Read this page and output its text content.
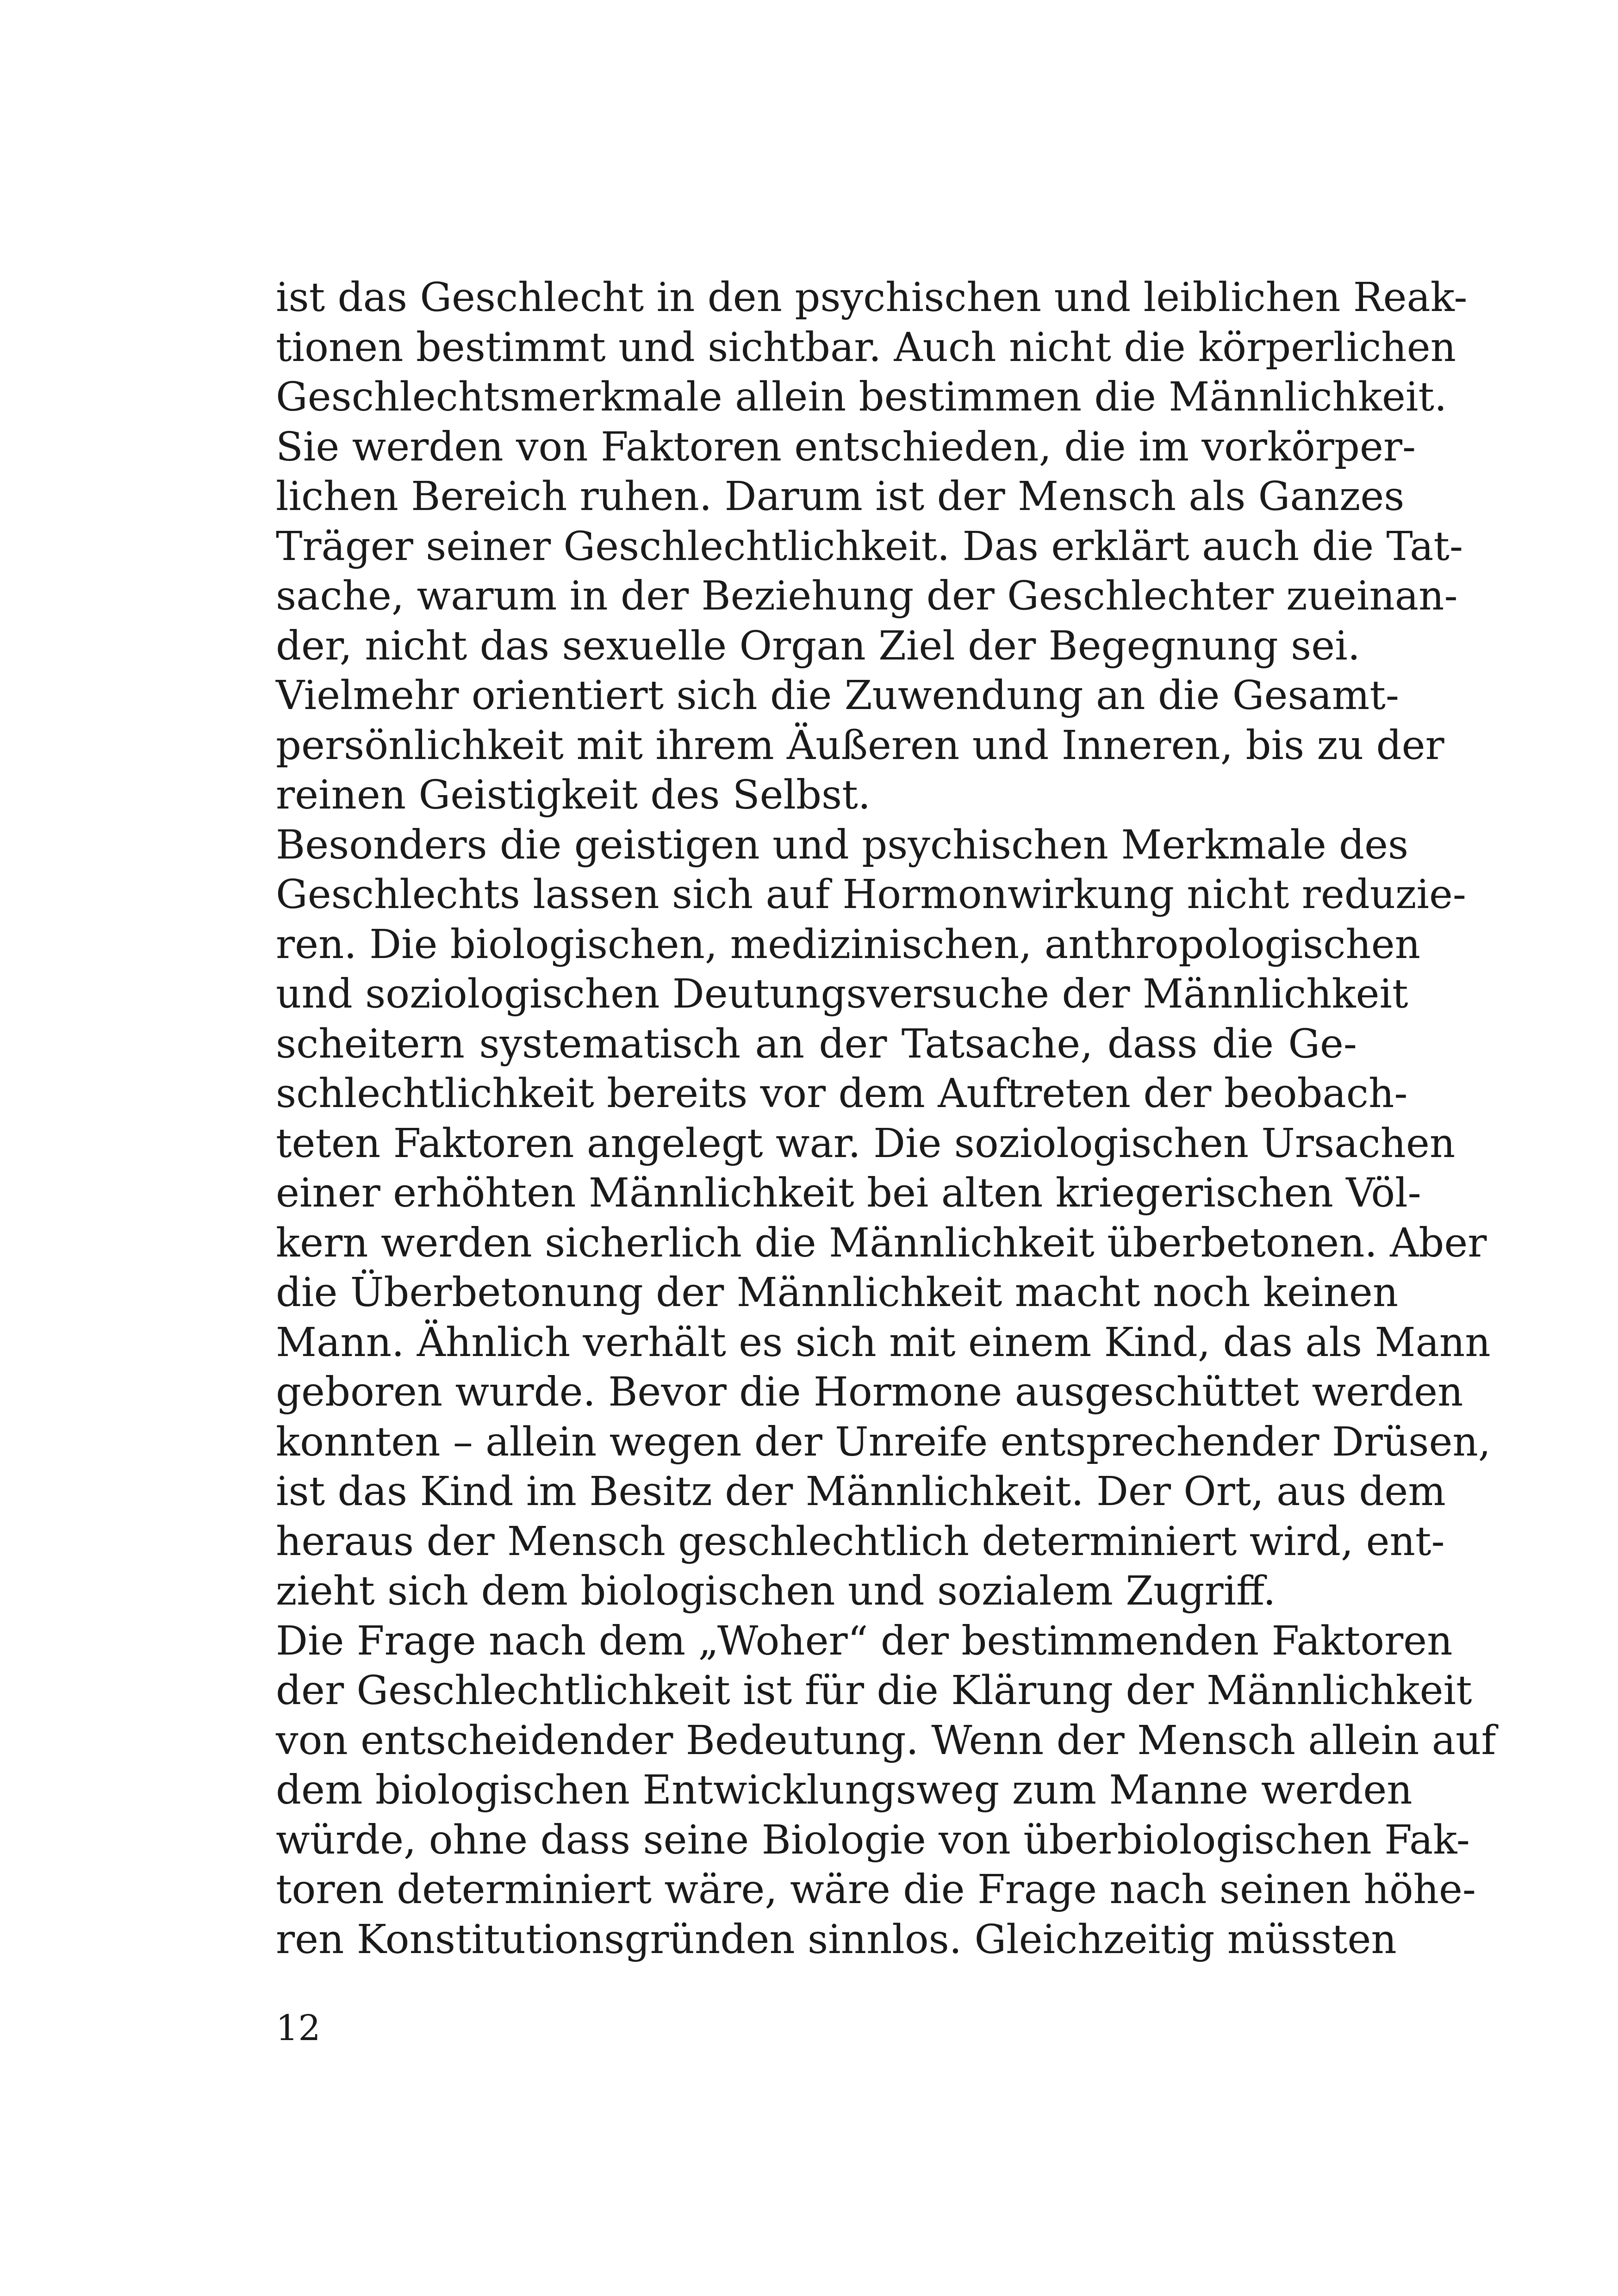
ist das Geschlecht in den psychischen und leiblichen Reak-
tionen bestimmt und sichtbar. Auch nicht die körperlichen
Geschlechtsmerkmale allein bestimmen die Männlichkeit.
Sie werden von Faktoren entschieden, die im vorkörper-
lichen Bereich ruhen. Darum ist der Mensch als Ganzes
Träger seiner Geschlechtlichkeit. Das erklärt auch die Tat-
sache, warum in der Beziehung der Geschlechter zueinan-
der, nicht das sexuelle Organ Ziel der Begegnung sei.
Vielmehr orientiert sich die Zuwendung an die Gesamt-
persönlichkeit mit ihrem Äußeren und Inneren, bis zu der
reinen Geistigkeit des Selbst.
Besonders die geistigen und psychischen Merkmale des
Geschlechts lassen sich auf Hormonwirkung nicht reduzie-
ren. Die biologischen, medizinischen, anthropologischen
und soziologischen Deutungsversuche der Männlichkeit
scheitern systematisch an der Tatsache, dass die Ge-
schlechtlichkeit bereits vor dem Auftreten der beobach-
teten Faktoren angelegt war. Die soziologischen Ursachen
einer erhöhten Männlichkeit bei alten kriegerischen Völ-
kern werden sicherlich die Männlichkeit überbetonen. Aber
die Überbetonung der Männlichkeit macht noch keinen
Mann. Ähnlich verhält es sich mit einem Kind, das als Mann
geboren wurde. Bevor die Hormone ausgeschüttet werden
konnten – allein wegen der Unreife entsprechender Drüsen,
ist das Kind im Besitz der Männlichkeit. Der Ort, aus dem
heraus der Mensch geschlechtlich determiniert wird, ent-
zieht sich dem biologischen und sozialem Zugriff.
Die Frage nach dem „Woher“ der bestimmenden Faktoren
der Geschlechtlichkeit ist für die Klärung der Männlichkeit
von entscheidender Bedeutung. Wenn der Mensch allein auf
dem biologischen Entwicklungsweg zum Manne werden
würde, ohne dass seine Biologie von überbiologischen Fak-
toren determiniert wäre, wäre die Frage nach seinen höhe-
ren Konstitutionsgründen sinnlos. Gleichzeitig müssten
12
